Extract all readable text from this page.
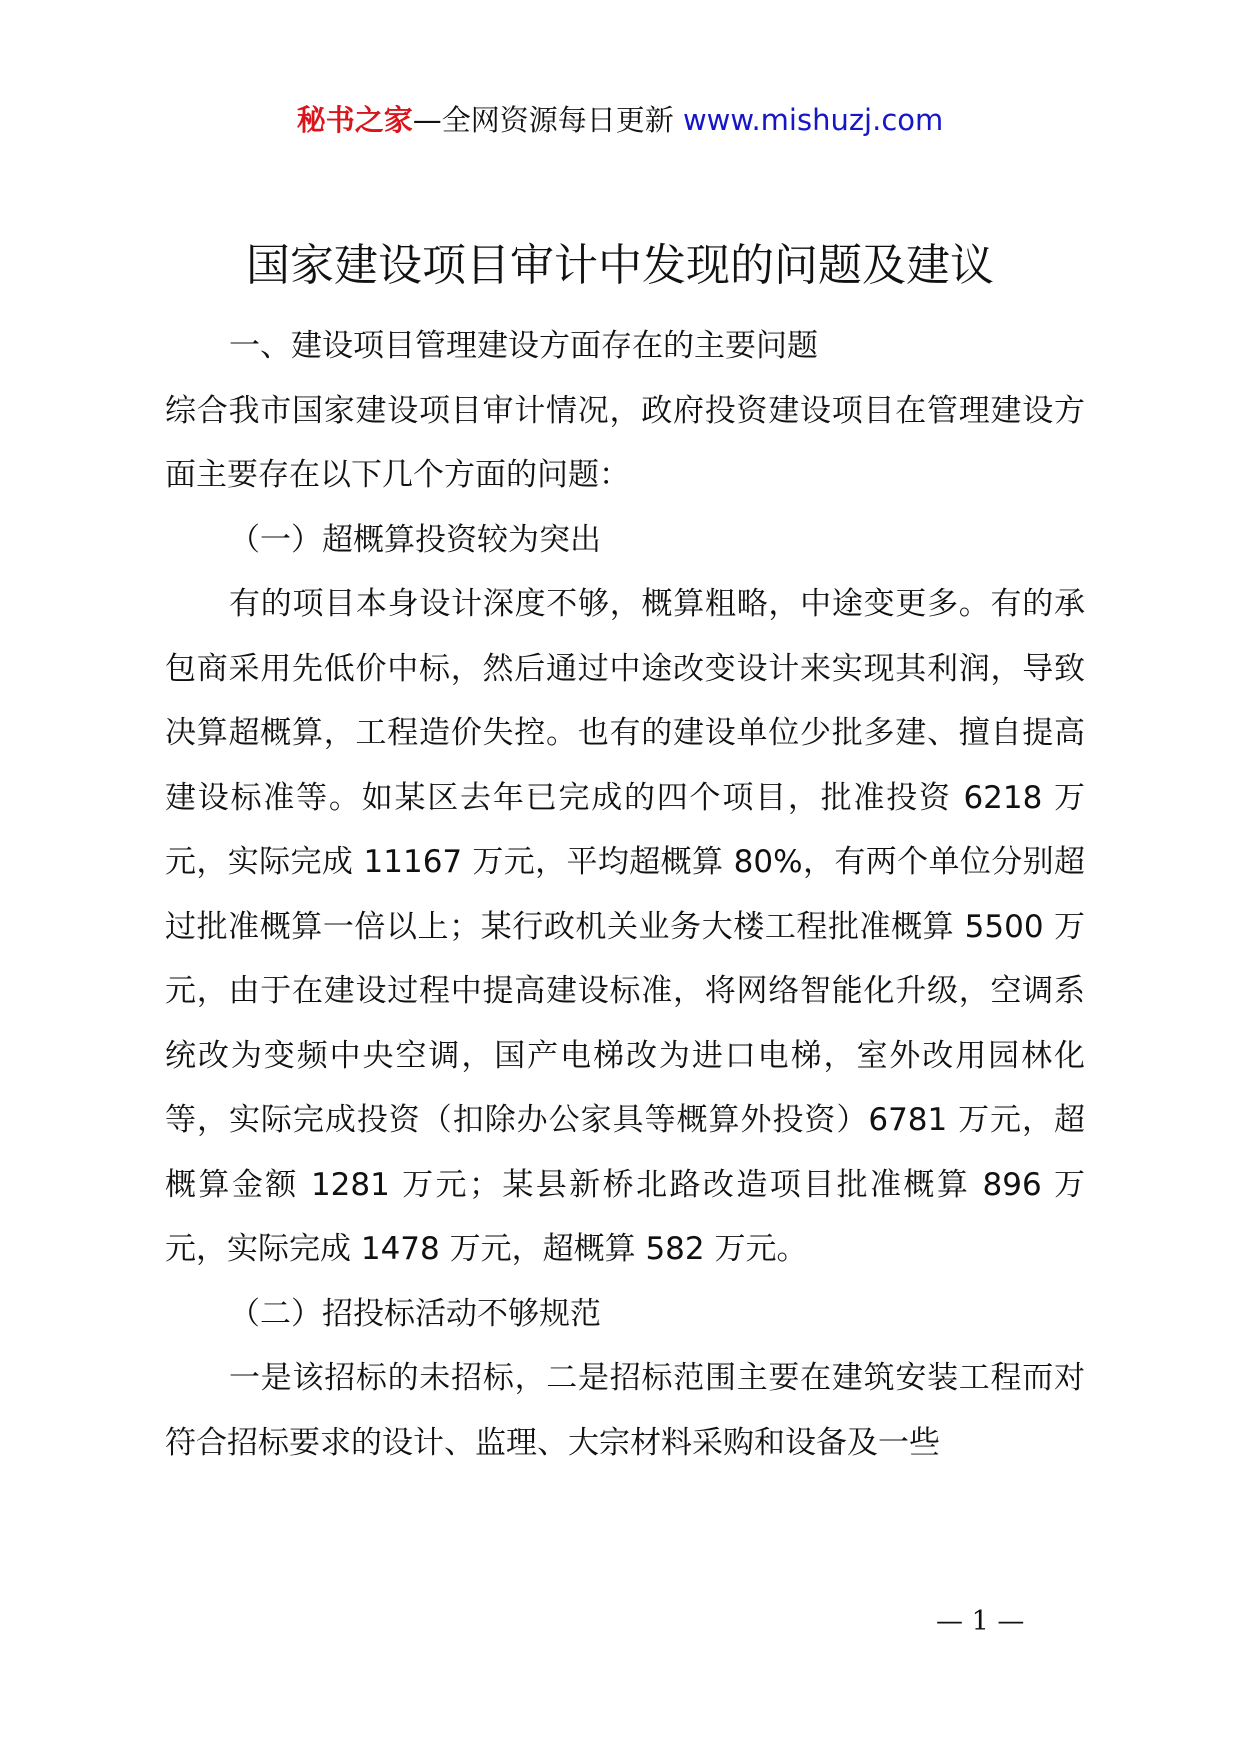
秘书之家—全网资源每日更新 www.mishuzj.com
国家建设项目审计中发现的问题及建议

一、建设项目管理建设方面存在的主要问题

综合我市国家建设项目审计情况，政府投资建设项目在管理建设方面主要存在以下几个方面的问题：

（一）超概算投资较为突出

有的项目本身设计深度不够，概算粗略，中途变更多。有的承包商采用先低价中标，然后通过中途改变设计来实现其利润，导致决算超概算，工程造价失控。也有的建设单位少批多建、擅自提高建设标准等。如某区去年已完成的四个项目，批准投资 6218 万元，实际完成 11167 万元，平均超概算 80%，有两个单位分别超过批准概算一倍以上；某行政机关业务大楼工程批准概算 5500 万元，由于在建设过程中提高建设标准，将网络智能化升级，空调系统改为变频中央空调，国产电梯改为进口电梯，室外改用园林化等，实际完成投资（扣除办公家具等概算外投资）6781 万元，超概算金额 1281 万元；某县新桥北路改造项目批准概算 896 万元，实际完成 1478 万元，超概算 582 万元。

（二）招投标活动不够规范

一是该招标的未招标，二是招标范围主要在建筑安装工程而对符合招标要求的设计、监理、大宗材料采购和设备及一些

— 1 —
